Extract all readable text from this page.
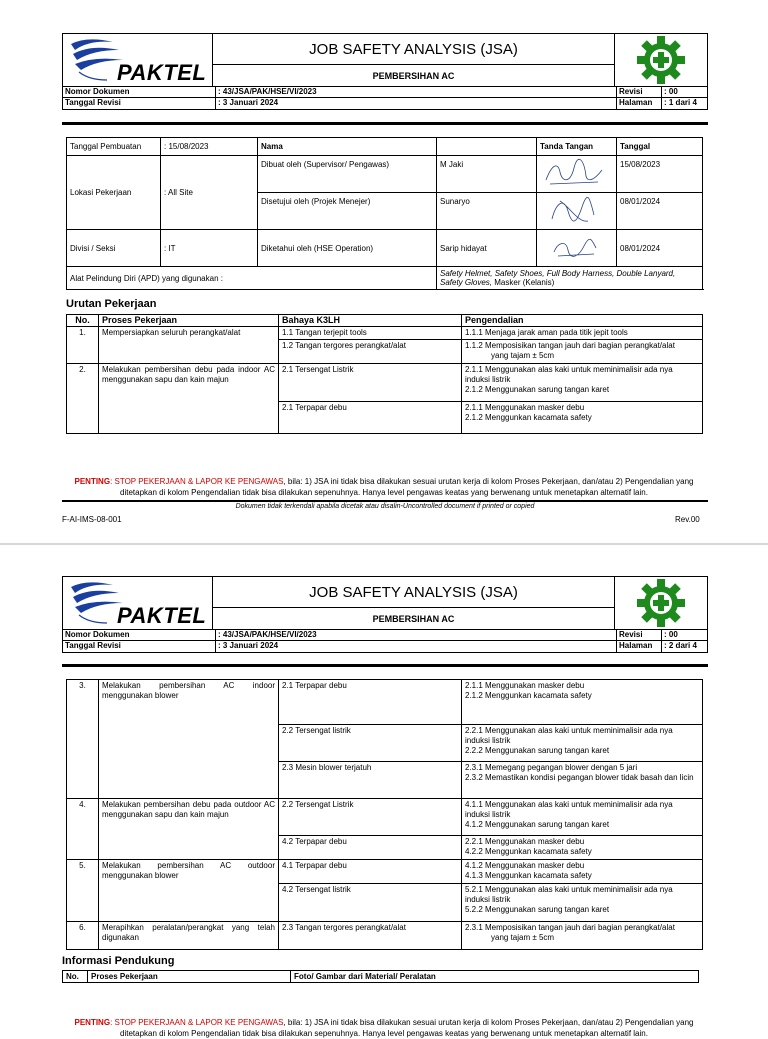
PAKTEL
JOB SAFETY ANALYSIS (JSA)
PEMBERSIHAN AC
Nomor Dokumen	: 43/JSA/PAK/HSE/VI/2023	Revisi	: 00
Tanggal Revisi	: 3 Januari 2024	Halaman	: 1 dari 4
Tanggal Pembuatan	: 15/08/2023	Nama		Tanda Tangan	Tanggal
Lokasi Pekerjaan	: All Site	Dibuat oleh (Supervisor/ Pengawas)	M Jaki		15/08/2023
		Disetujui oleh (Projek Menejer)	Sunaryo		08/01/2024
Divisi / Seksi	: IT	Diketahui oleh (HSE Operation)	Sarip hidayat		08/01/2024
Alat Pelindung Diri (APD) yang digunakan :			Safety Helmet, Safety Shoes, Full Body Harness, Double Lanyard, Safety Gloves, Masker (Kelanis)		
Urutan Pekerjaan
No.	Proses Pekerjaan	Bahaya K3LH	Pengendalian
1.	Mempersiapkan seluruh perangkat/alat	1.1 Tangan terjepit tools	1.1.1 Menjaga jarak aman pada titik jepit tools
		1.2 Tangan tergores perangkat/alat	1.1.2 Memposisikan tangan jauh dari bagian perangkat/alat
yang tajam ± 5cm

2.	Melakukan pembersihan debu pada indoor AC menggunakan sapu dan kain majun	2.1 Tersengat Listrik	2.1.1 Menggunakan alas kaki untuk meminimalisir ada nya induksi listrik
2.1.2 Menggunakan sarung tangan karet

		2.1 Terpapar debu	2.1.1 Menggunakan masker debu
2.1.2 Menggunkan kacamata safety
PENTING: STOP PEKERJAAN & LAPOR KE PENGAWAS, bila: 1) JSA ini tidak bisa dilakukan sesuai urutan kerja di kolom Proses Pekerjaan, dan/atau 2) Pengendalian yang ditetapkan di kolom Pengendalian tidak bisa dilakukan sepenuhnya. Hanya level pengawas keatas yang berwenang untuk menetapkan alternatif lain.
Dokumen tidak terkendali apabila dicetak atau disalin-Uncontrolled document if printed or copied
F-AI-IMS-08-001	Rev.00
PAKTEL
JOB SAFETY ANALYSIS (JSA)
PEMBERSIHAN AC
Nomor Dokumen	: 43/JSA/PAK/HSE/VI/2023	Revisi	: 00
Tanggal Revisi	: 3 Januari 2024	Halaman	: 2 dari 4
3.	Melakukan pembersihan AC indoor menggunakan blower	2.1 Terpapar debu	2.1.1 Menggunakan masker debu
2.1.2 Menggunkan kacamata safety

		2.2 Tersengat listrik	2.2.1 Menggunakan alas kaki untuk meminimalisir ada nya induksi listrik
2.2.2 Menggunakan sarung tangan karet

		2.3 Mesin blower terjatuh	2.3.1 Memegang pegangan blower dengan 5 jari
2.3.2 Memastikan kondisi pegangan blower tidak basah dan licin

4.	Melakukan pembersihan debu pada outdoor AC menggunakan sapu dan kain majun	2.2 Tersengat Listrik	4.1.1 Menggunakan alas kaki untuk meminimalisir ada nya induksi listrik
4.1.2 Menggunakan sarung tangan karet

		4.2 Terpapar debu	2.2.1 Menggunakan masker debu
4.2.2 Menggunkan kacamata safety

5.	Melakukan pembersihan AC outdoor menggunakan blower	4.1 Terpapar debu	4.1.2 Menggunakan masker debu
4.1.3 Menggunkan kacamata safety

		4.2 Tersengat listrik	5.2.1 Menggunakan alas kaki untuk meminimalisir ada nya induksi listrik
5.2.2 Menggunakan sarung tangan karet

6.	Merapihkan peralatan/perangkat yang telah digunakan	2.3 Tangan tergores perangkat/alat	2.3.1 Memposisikan tangan jauh dari bagian perangkat/alat
yang tajam ± 5cm
Informasi Pendukung
No.	Proses Pekerjaan	Foto/ Gambar dari Material/ Peralatan
PENTING: STOP PEKERJAAN & LAPOR KE PENGAWAS, bila: 1) JSA ini tidak bisa dilakukan sesuai urutan kerja di kolom Proses Pekerjaan, dan/atau 2) Pengendalian yang ditetapkan di kolom Pengendalian tidak bisa dilakukan sepenuhnya. Hanya level pengawas keatas yang berwenang untuk menetapkan alternatif lain.
